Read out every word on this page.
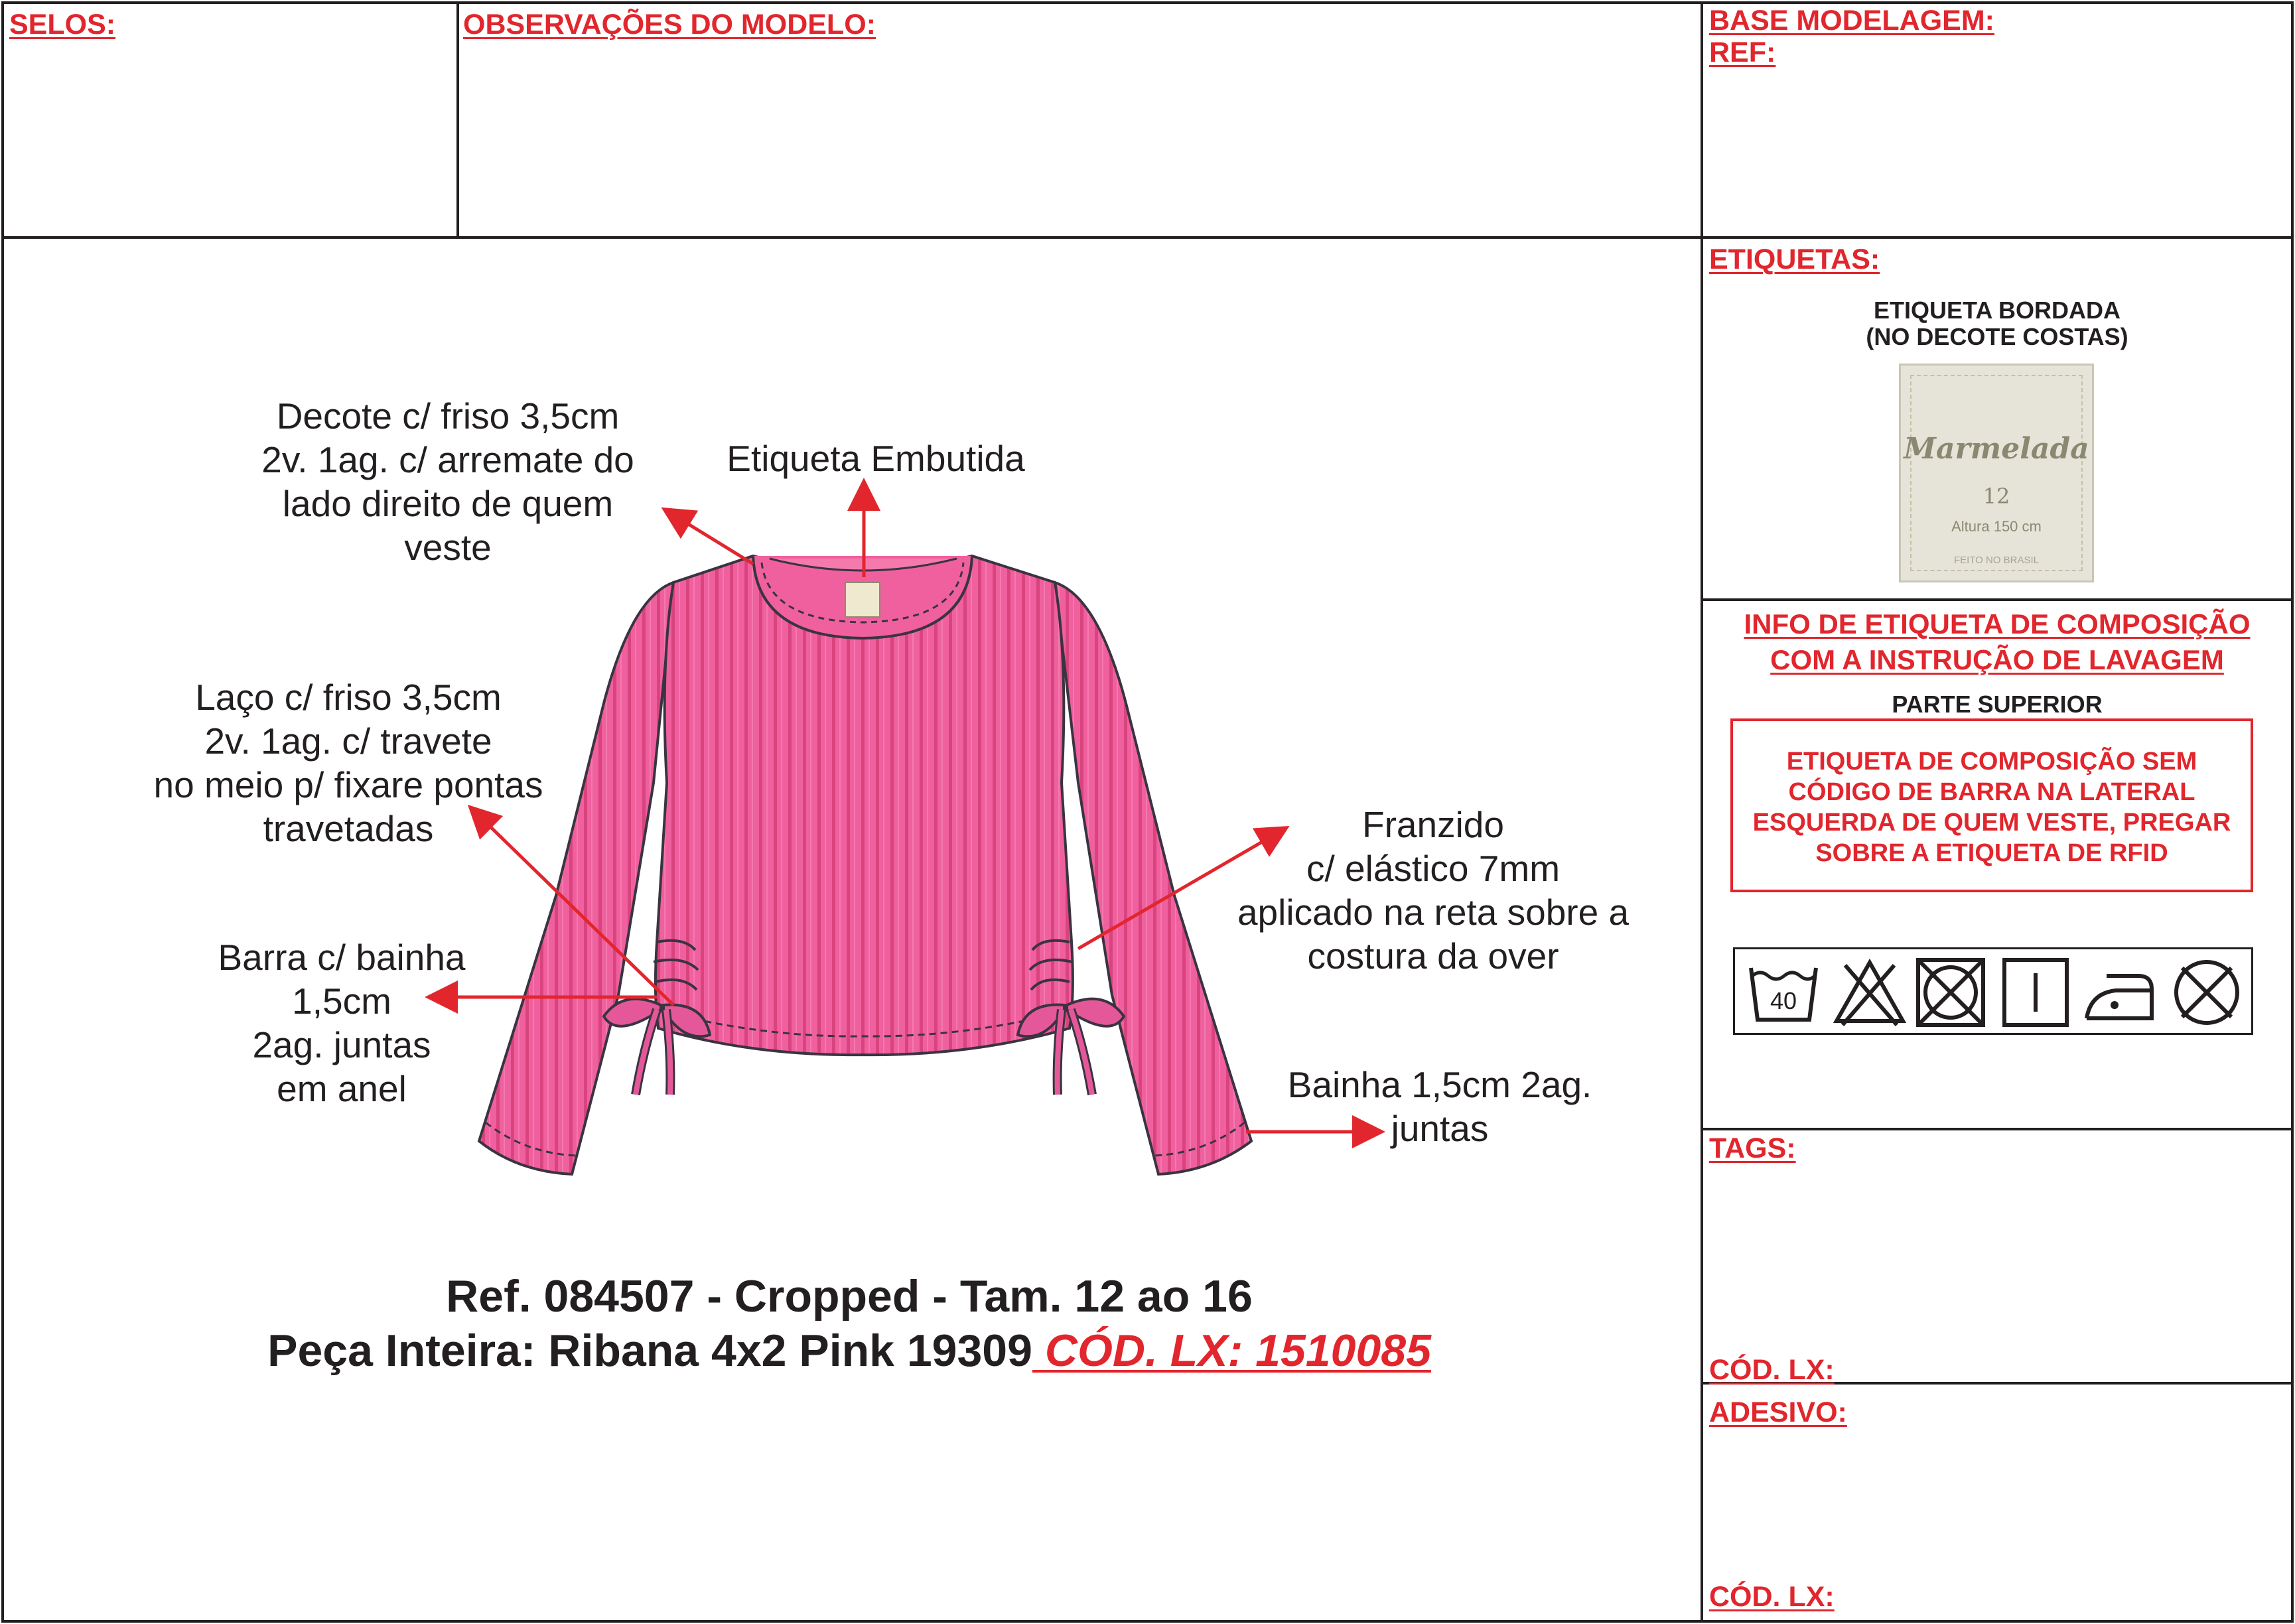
SELOS:	OBSERVAÇÕES DO MODELO:	BASE MODELAGEM:
REF:
ETIQUETAS:
TAGS:
CÓD. LX:
ADESIVO:
CÓD. LX:
ETIQUETA BORDADA
(NO DECOTE COSTAS)
Marmelada
12
Altura 150 cm
FEITO NO BRASIL
INFO DE ETIQUETA DE COMPOSIÇÃO
COM A INSTRUÇÃO DE LAVAGEM
PARTE SUPERIOR
ETIQUETA DE COMPOSIÇÃO SEM
CÓDIGO DE BARRA NA LATERAL
ESQUERDA DE QUEM VESTE, PREGAR
SOBRE A ETIQUETA DE RFID
40
Decote c/ friso 3,5cm
2v. 1ag. c/ arremate do
lado direito de quem
veste
Etiqueta Embutida
Laço c/ friso 3,5cm
2v. 1ag. c/ travete
no meio p/ fixare pontas
travetadas	Franzido
c/ elástico 7mm
aplicado na reta sobre a
costura da over
Barra c/ bainha
1,5cm
2ag. juntas
em anel	Bainha 1,5cm 2ag.
juntas
Ref. 084507 - Cropped - Tam. 12 ao 16
Peça Inteira: Ribana 4x2 Pink 19309 CÓD. LX: 1510085
